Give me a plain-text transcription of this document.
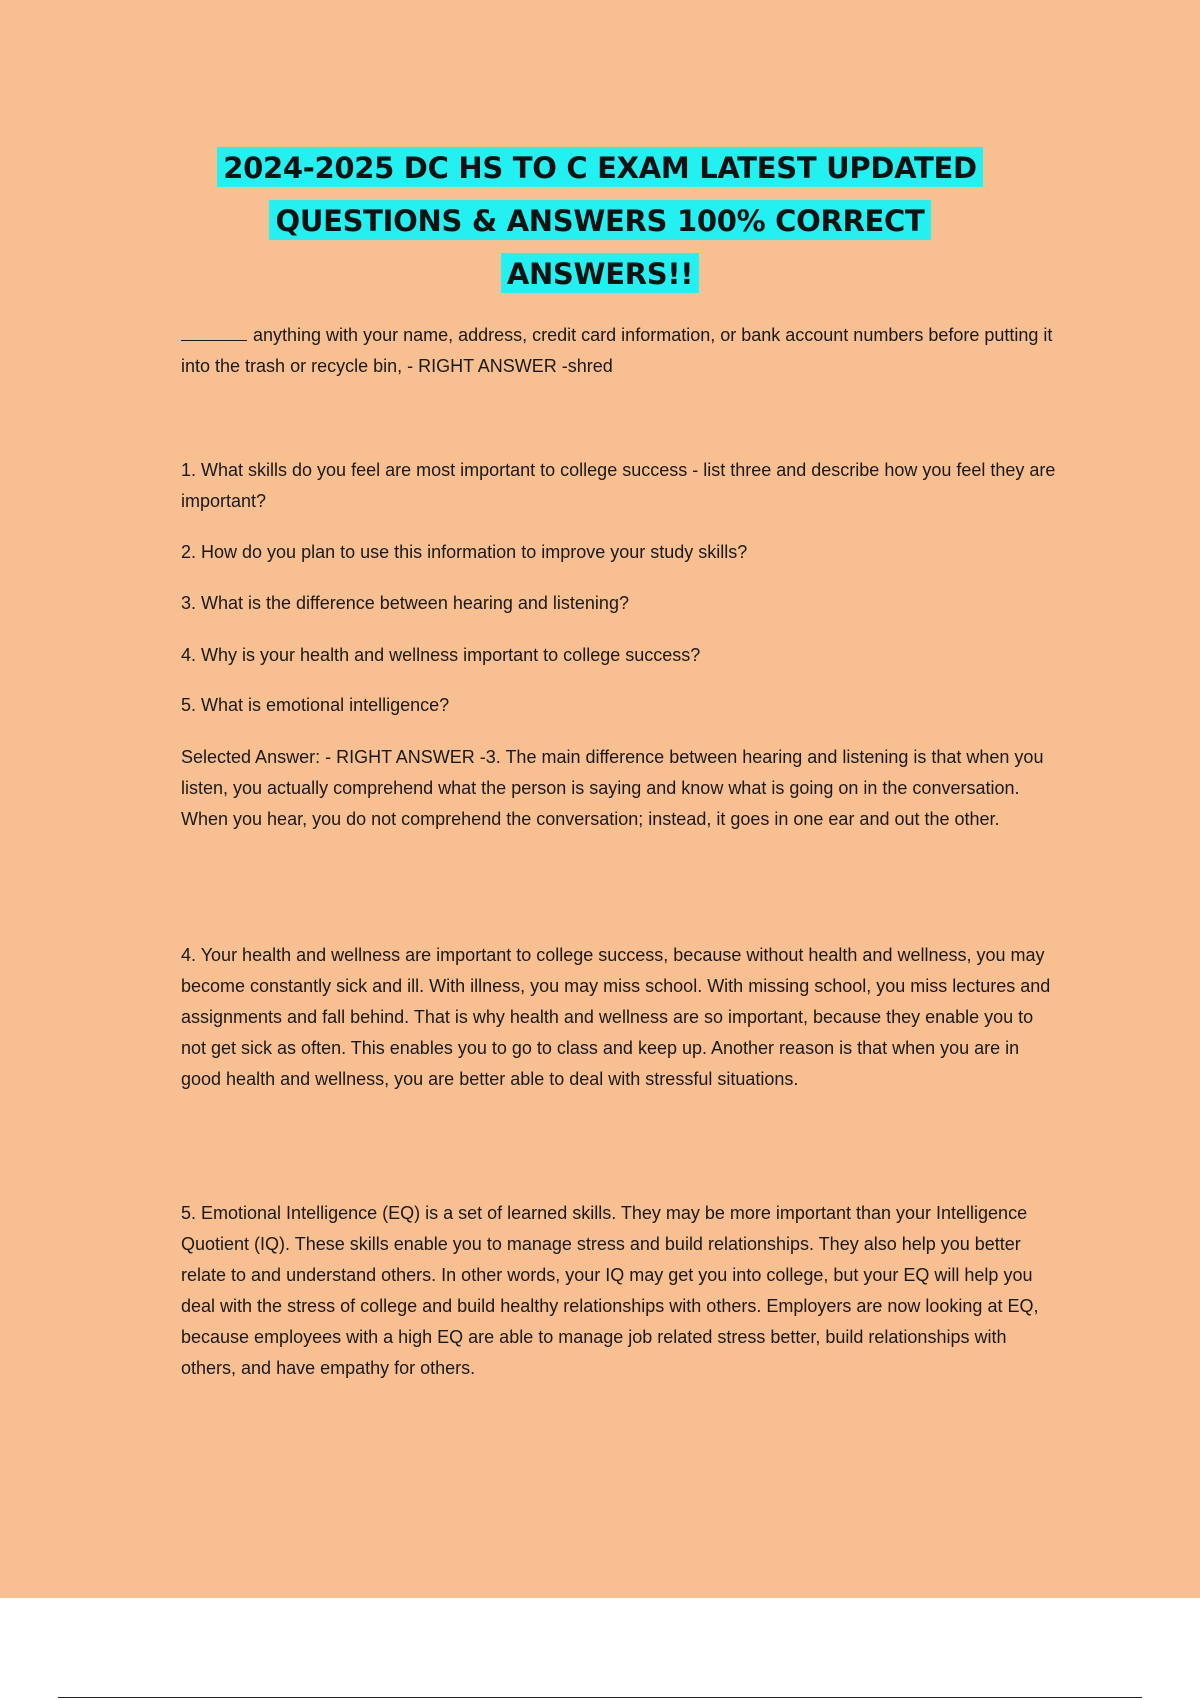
2024-2025 DC HS TO C EXAM LATEST UPDATED
QUESTIONS & ANSWERS 100% CORRECT
ANSWERS!!

anything with your name, address, credit card information, or bank account numbers before putting it into the trash or recycle bin, - RIGHT ANSWER -shred

1. What skills do you feel are most important to college success - list three and describe how you feel they are important?

2. How do you plan to use this information to improve your study skills?

3. What is the difference between hearing and listening?

4. Why is your health and wellness important to college success?

5. What is emotional intelligence?

Selected Answer: - RIGHT ANSWER -3. The main difference between hearing and listening is that when you listen, you actually comprehend what the person is saying and know what is going on in the conversation. When you hear, you do not comprehend the conversation; instead, it goes in one ear and out the other.

4. Your health and wellness are important to college success, because without health and wellness, you may become constantly sick and ill. With illness, you may miss school. With missing school, you miss lectures and assignments and fall behind. That is why health and wellness are so important, because they enable you to not get sick as often. This enables you to go to class and keep up. Another reason is that when you are in good health and wellness, you are better able to deal with stressful situations.

5. Emotional Intelligence (EQ) is a set of learned skills. They may be more important than your Intelligence Quotient (IQ). These skills enable you to manage stress and build relationships. They also help you better relate to and understand others. In other words, your IQ may get you into college, but your EQ will help you deal with the stress of college and build healthy relationships with others. Employers are now looking at EQ, because employees with a high EQ are able to manage job related stress better, build relationships with others, and have empathy for others.
